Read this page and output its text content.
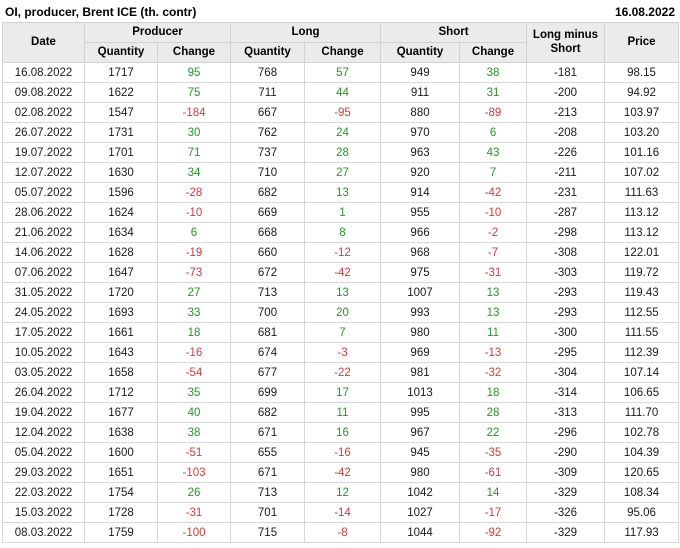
OI, producer, Brent ICE (th. contr)	16.08.2022
Date	Producer		Long		Short		Long minus Short	Price
	Quantity	Change	Quantity	Change	Quantity	Change		
16.08.2022	1717	95	768	57	949	38	-181	98.15
09.08.2022	1622	75	711	44	911	31	-200	94.92
02.08.2022	1547	-184	667	-95	880	-89	-213	103.97
26.07.2022	1731	30	762	24	970	6	-208	103.20
19.07.2022	1701	71	737	28	963	43	-226	101.16
12.07.2022	1630	34	710	27	920	7	-211	107.02
05.07.2022	1596	-28	682	13	914	-42	-231	111.63
28.06.2022	1624	-10	669	1	955	-10	-287	113.12
21.06.2022	1634	6	668	8	966	-2	-298	113.12
14.06.2022	1628	-19	660	-12	968	-7	-308	122.01
07.06.2022	1647	-73	672	-42	975	-31	-303	119.72
31.05.2022	1720	27	713	13	1007	13	-293	119.43
24.05.2022	1693	33	700	20	993	13	-293	112.55
17.05.2022	1661	18	681	7	980	11	-300	111.55
10.05.2022	1643	-16	674	-3	969	-13	-295	112.39
03.05.2022	1658	-54	677	-22	981	-32	-304	107.14
26.04.2022	1712	35	699	17	1013	18	-314	106.65
19.04.2022	1677	40	682	11	995	28	-313	111.70
12.04.2022	1638	38	671	16	967	22	-296	102.78
05.04.2022	1600	-51	655	-16	945	-35	-290	104.39
29.03.2022	1651	-103	671	-42	980	-61	-309	120.65
22.03.2022	1754	26	713	12	1042	14	-329	108.34
15.03.2022	1728	-31	701	-14	1027	-17	-326	95.06
08.03.2022	1759	-100	715	-8	1044	-92	-329	117.93
